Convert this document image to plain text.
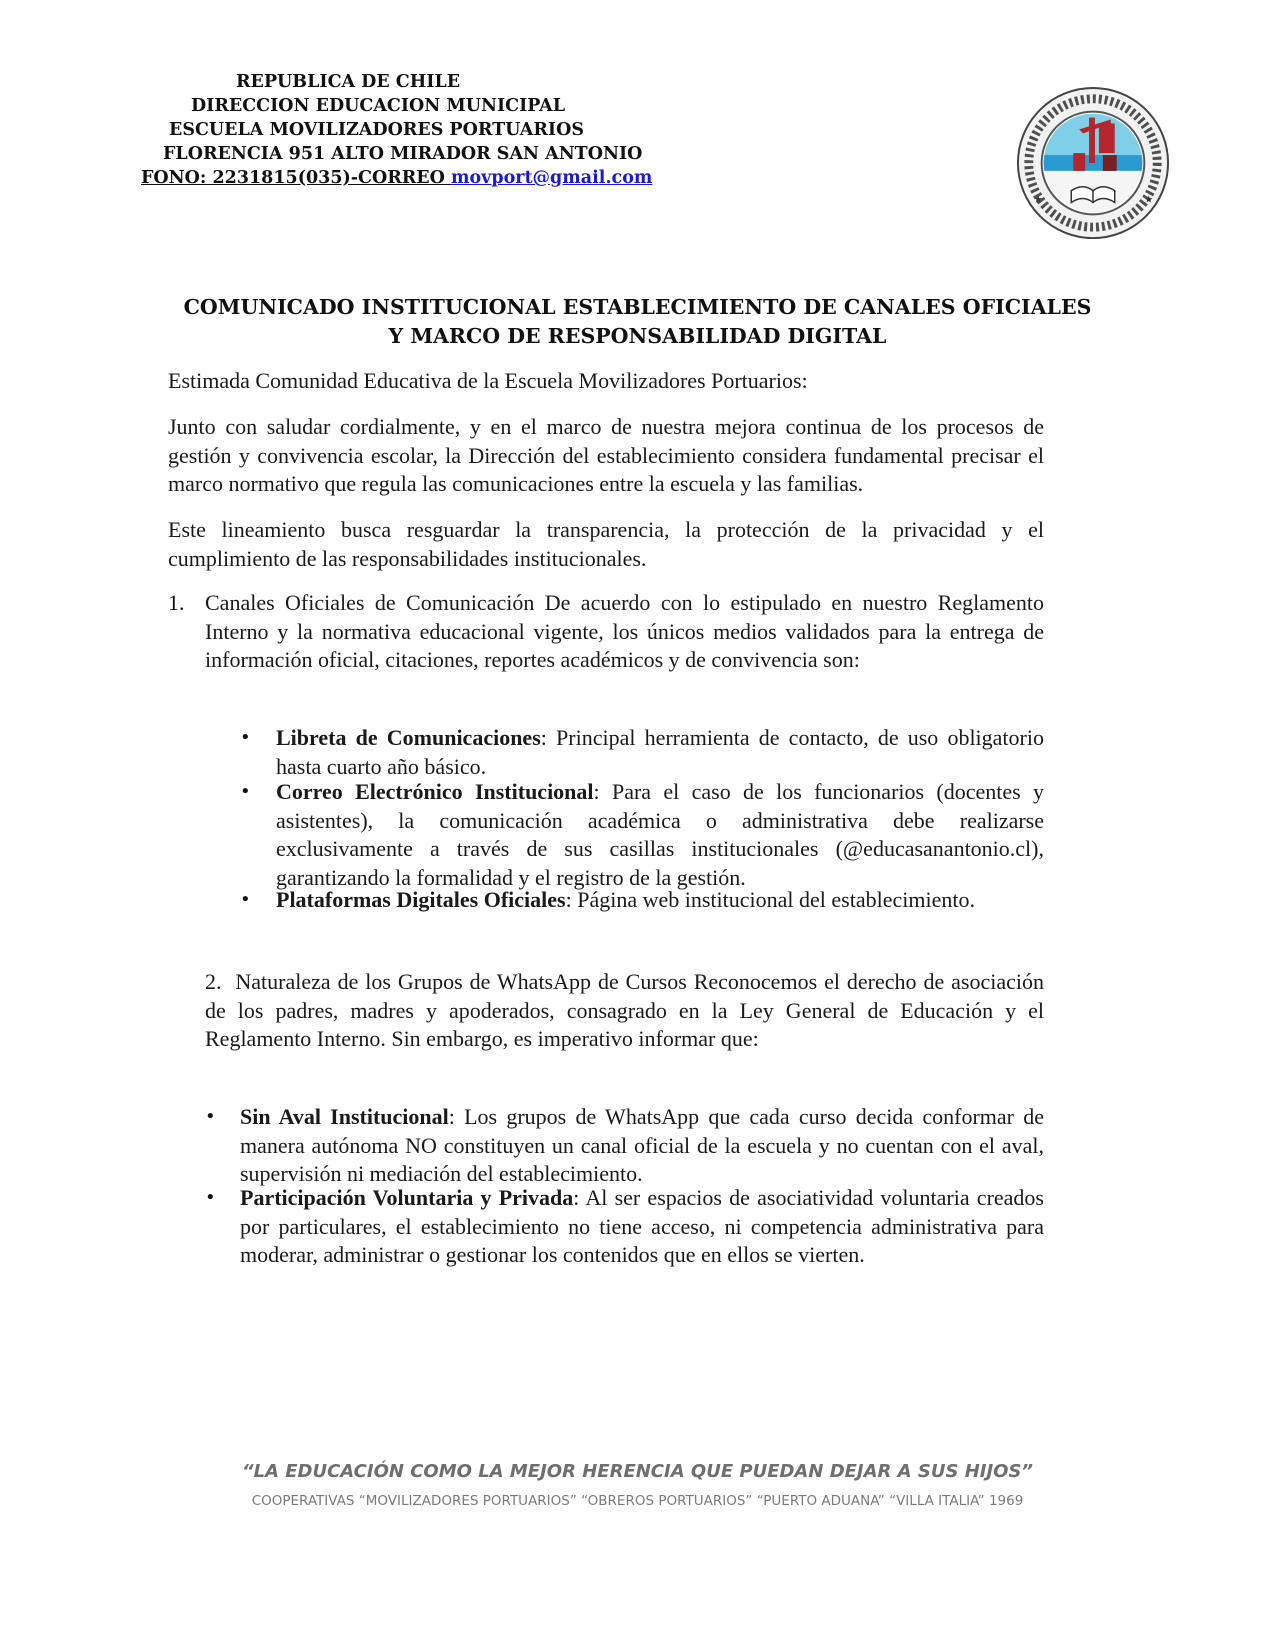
REPUBLICA DE CHILE
DIRECCION EDUCACION MUNICIPAL
ESCUELA MOVILIZADORES PORTUARIOS
FLORENCIA 951 ALTO MIRADOR SAN ANTONIO
FONO: 2231815(035)-CORREO movport@gmail.com
★	★
COMUNICADO INSTITUCIONAL ESTABLECIMIENTO DE CANALES OFICIALES
Y MARCO DE RESPONSABILIDAD DIGITAL
Estimada Comunidad Educativa de la Escuela Movilizadores Portuarios:
Junto con saludar cordialmente, y en el marco de nuestra mejora continua de los procesos de gestión y convivencia escolar, la Dirección del establecimiento considera fundamental precisar el marco normativo que regula las comunicaciones entre la escuela y las familias.
Este lineamiento busca resguardar la transparencia, la protección de la privacidad y el cumplimiento de las responsabilidades institucionales.
1. Canales Oficiales de Comunicación De acuerdo con lo estipulado en nuestro Reglamento Interno y la normativa educacional vigente, los únicos medios validados para la entrega de información oficial, citaciones, reportes académicos y de convivencia son:
• Libreta de Comunicaciones: Principal herramienta de contacto, de uso obligatorio hasta cuarto año básico.
• Correo Electrónico Institucional: Para el caso de los funcionarios (docentes y asistentes), la comunicación académica o administrativa debe realizarse exclusivamente a través de sus casillas institucionales (@educasanantonio.cl), garantizando la formalidad y el registro de la gestión.
• Plataformas Digitales Oficiales: Página web institucional del establecimiento.
2.  Naturaleza de los Grupos de WhatsApp de Cursos Reconocemos el derecho de asociación de los padres, madres y apoderados, consagrado en la Ley General de Educación y el Reglamento Interno. Sin embargo, es imperativo informar que:
• Sin Aval Institucional: Los grupos de WhatsApp que cada curso decida conformar de manera autónoma NO constituyen un canal oficial de la escuela y no cuentan con el aval, supervisión ni mediación del establecimiento.
• Participación Voluntaria y Privada: Al ser espacios de asociatividad voluntaria creados por particulares, el establecimiento no tiene acceso, ni competencia administrativa para moderar, administrar o gestionar los contenidos que en ellos se vierten.
“LA EDUCACIÓN COMO LA MEJOR HERENCIA QUE PUEDAN DEJAR A SUS HIJOS”
COOPERATIVAS “MOVILIZADORES PORTUARIOS” “OBREROS PORTUARIOS” “PUERTO ADUANA” “VILLA ITALIA” 1969
